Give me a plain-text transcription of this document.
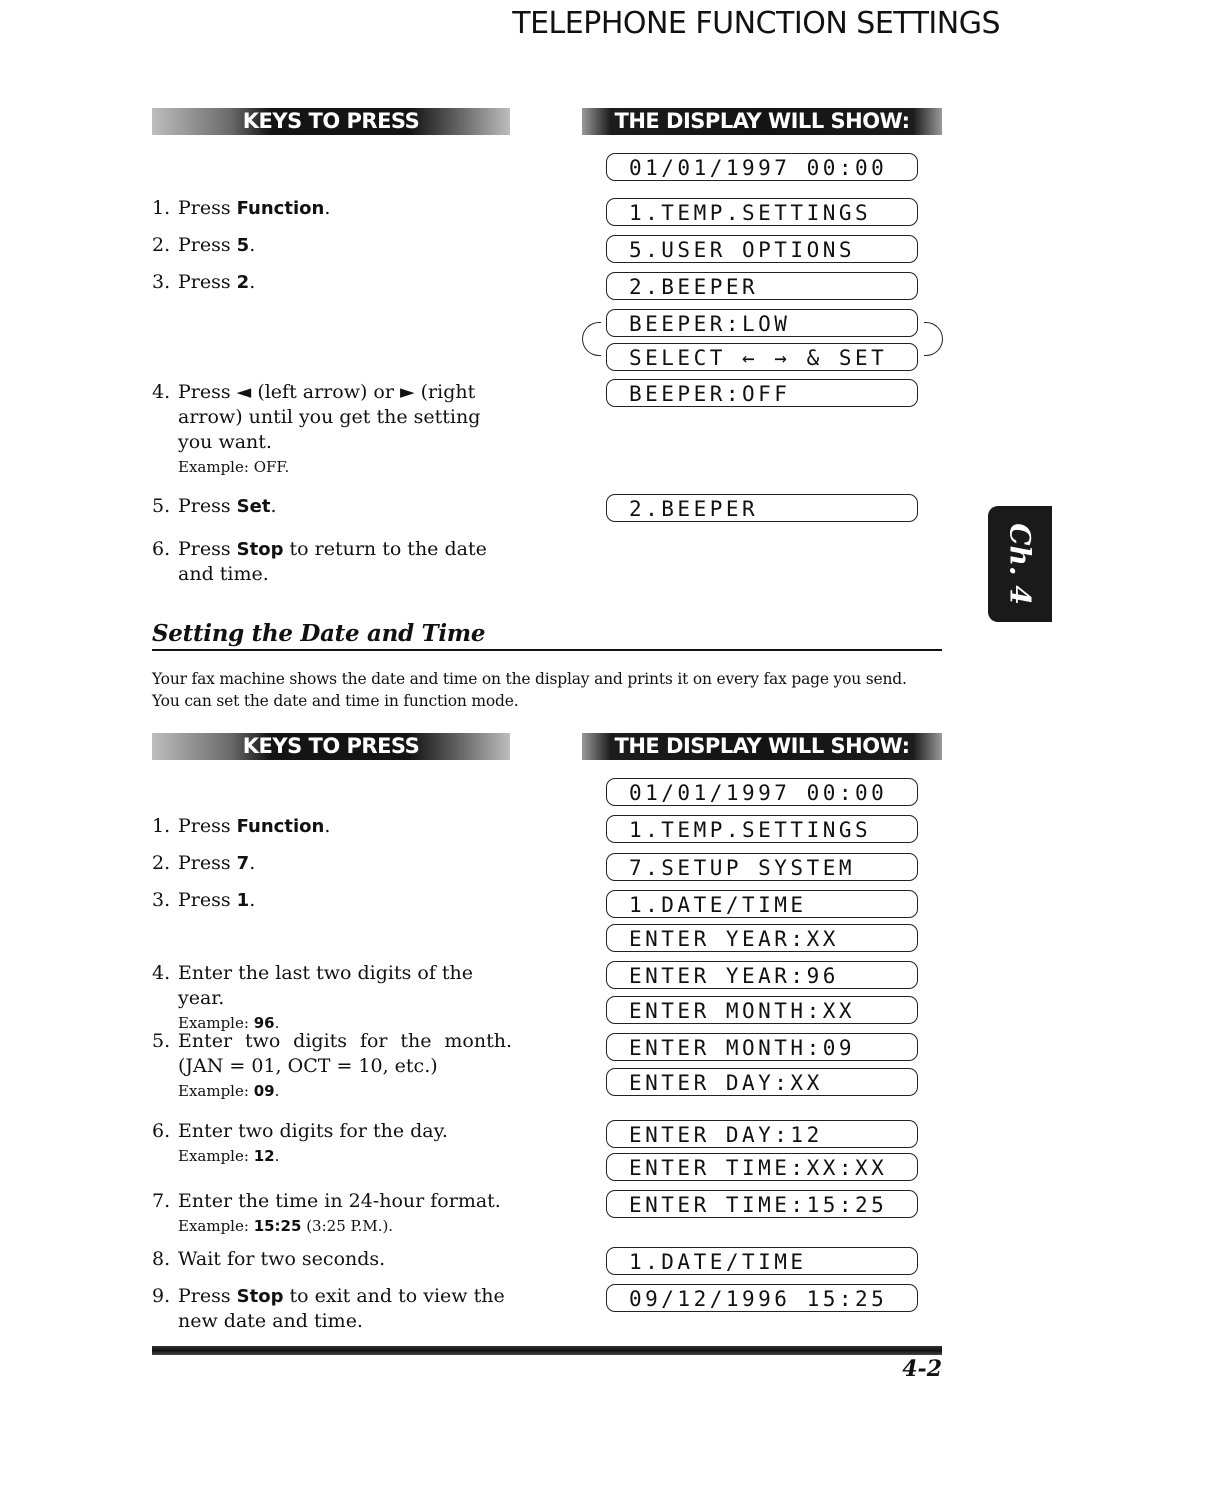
TELEPHONE FUNCTION SETTINGS
KEYS TO PRESS	THE DISPLAY WILL SHOW:
1. Press Function.
2. Press 5.
3. Press 2.
4. Press ◄ (left arrow) or ► (right arrow) until you get the setting you want.
Example: OFF.
5. Press Set.
6. Press Stop to return to the date and time.
01/01/1997 00:00
1.TEMP.SETTINGS
5.USER OPTIONS
2.BEEPER
BEEPER:LOW
SELECT ← → & SET
BEEPER:OFF
2.BEEPER
Ch. 4
Setting the Date and Time
Your fax machine shows the date and time on the display and prints it on every fax page you send.
You can set the date and time in function mode.
KEYS TO PRESS	THE DISPLAY WILL SHOW:
1. Press Function.
2. Press 7.
3. Press 1.
4. Enter the last two digits of the year.
Example: 96.
5. Enter two digits for the month. (JAN = 01, OCT = 10, etc.)
Example: 09.
6. Enter two digits for the day.
Example: 12.
7. Enter the time in 24-hour format.
Example: 15:25 (3:25 P.M.).
8. Wait for two seconds.
9. Press Stop to exit and to view the new date and time.
01/01/1997 00:00
1.TEMP.SETTINGS
7.SETUP SYSTEM
1.DATE/TIME
ENTER YEAR:XX
ENTER YEAR:96
ENTER MONTH:XX
ENTER MONTH:09
ENTER DAY:XX
ENTER DAY:12
ENTER TIME:XX:XX
ENTER TIME:15:25
1.DATE/TIME
09/12/1996 15:25
4-2
